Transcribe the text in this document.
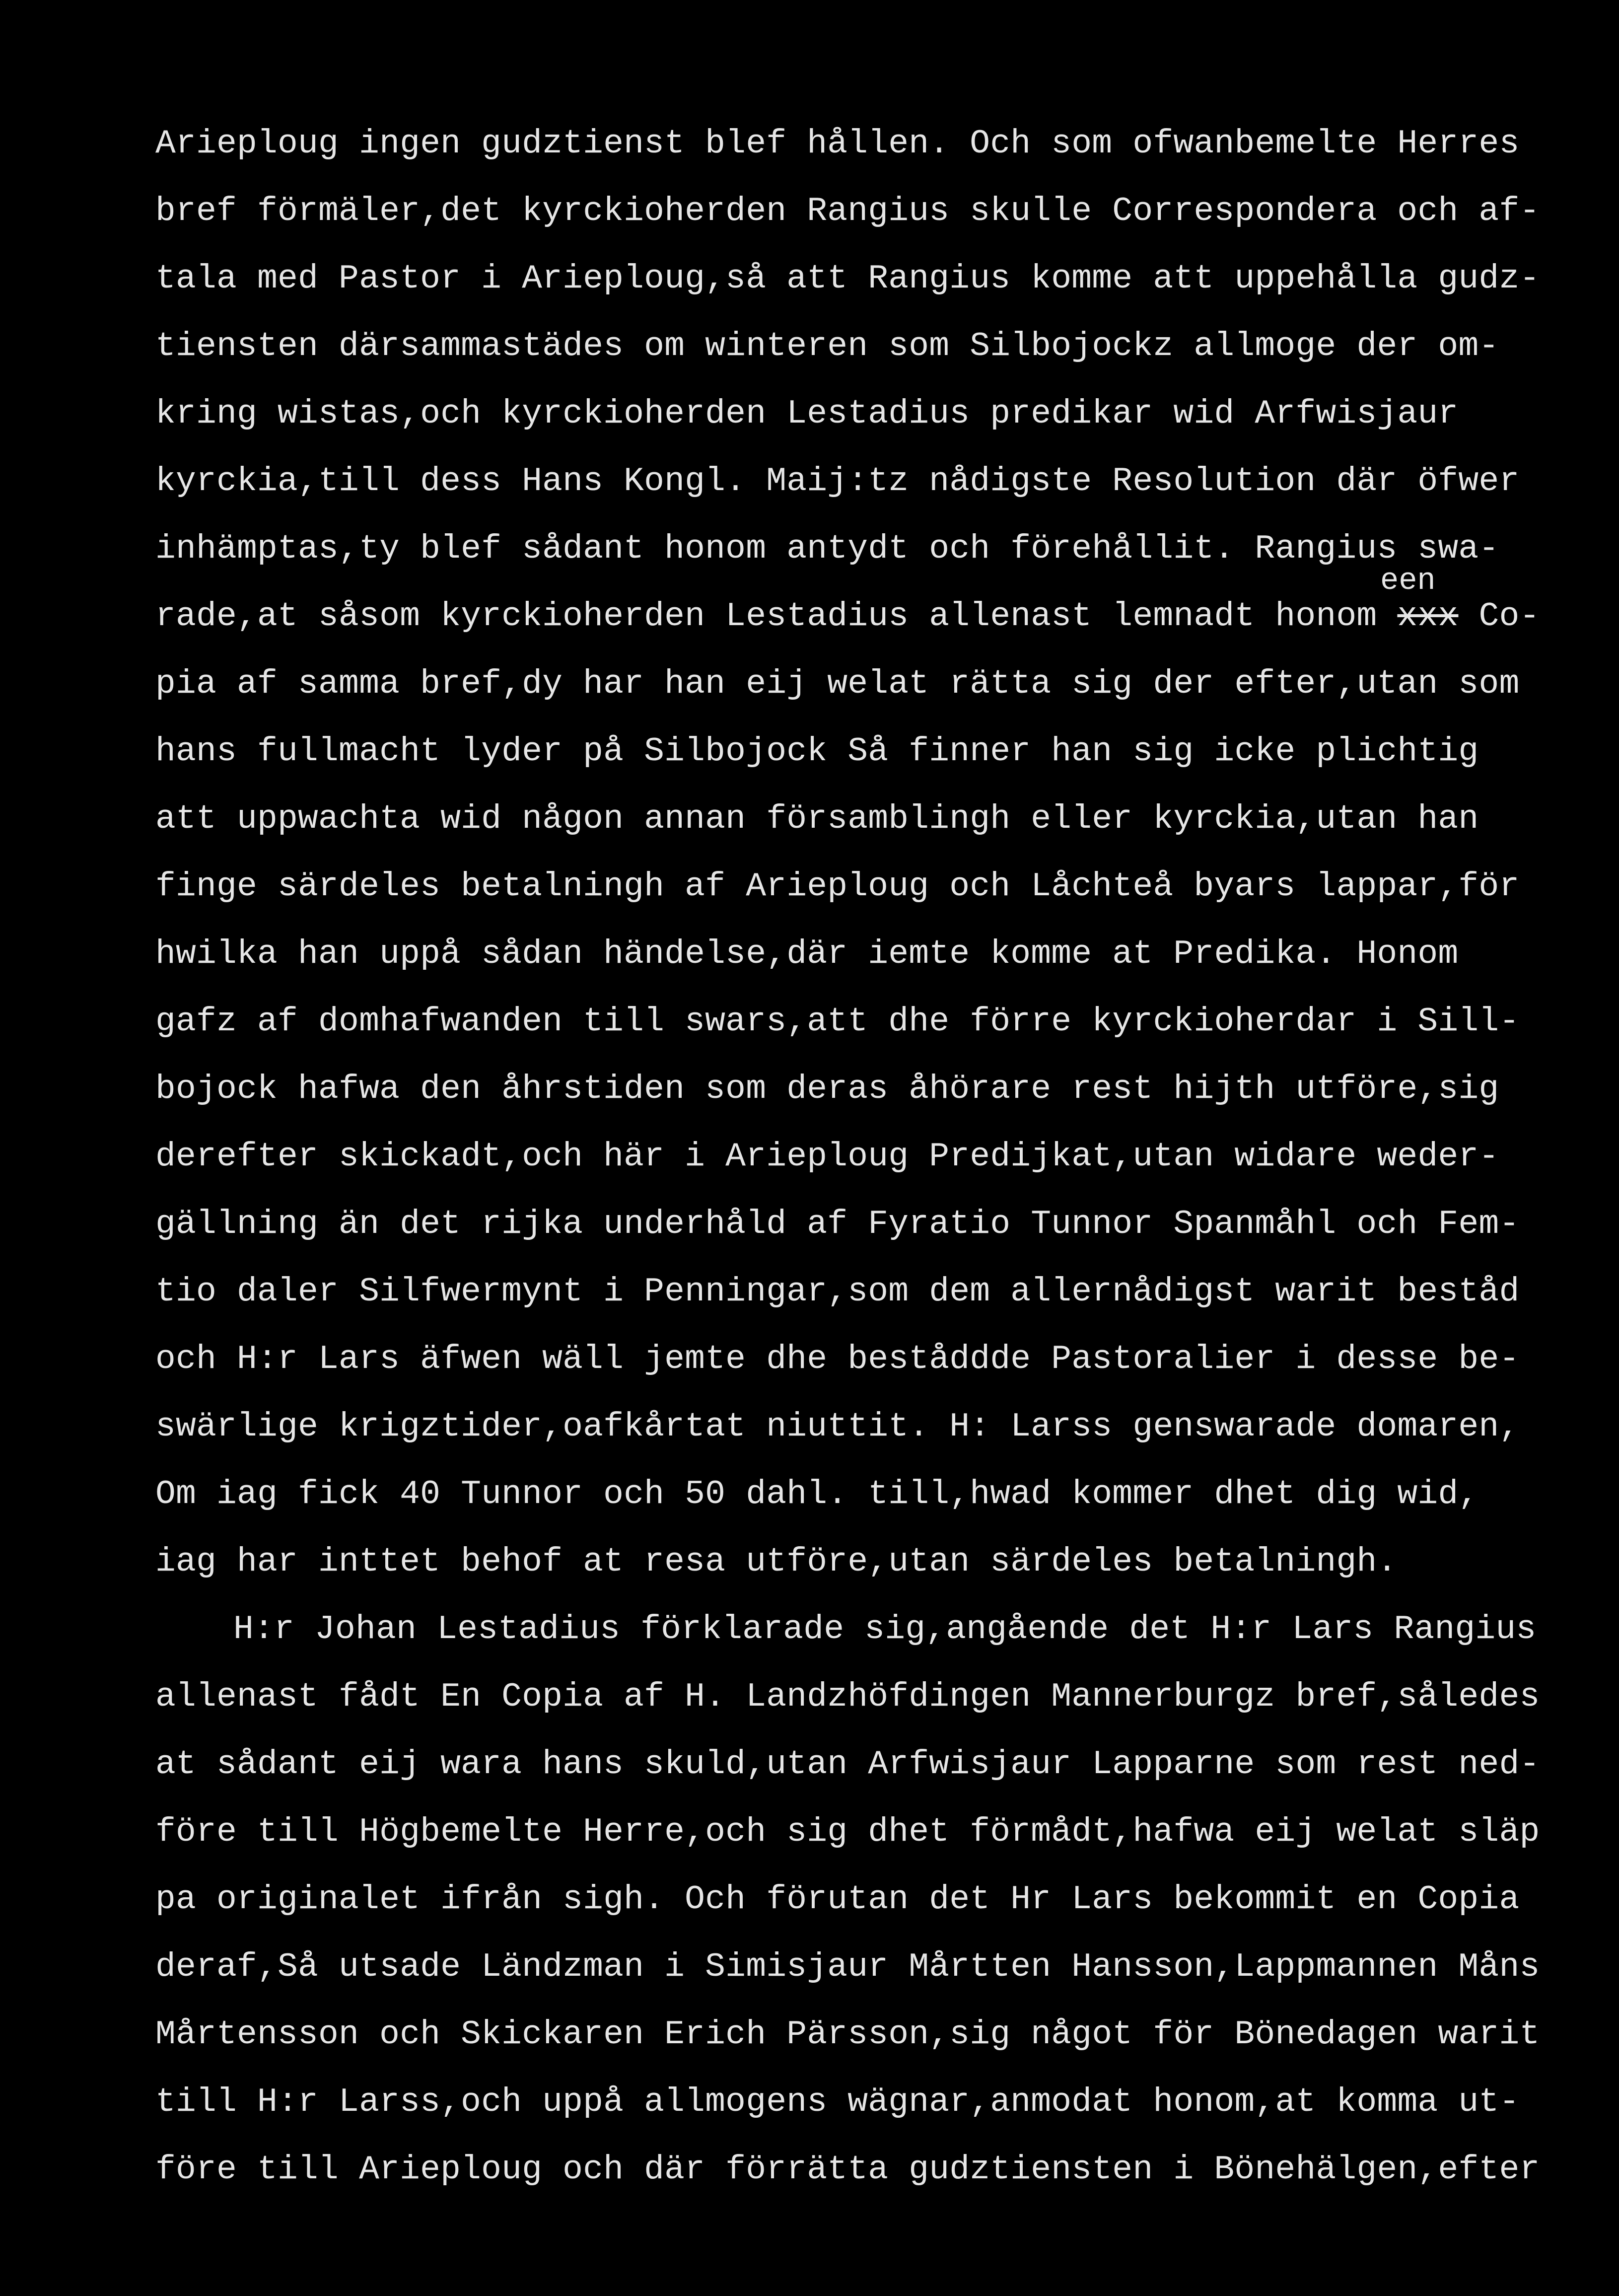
Arieploug ingen gudztienst blef hållen. Och som ofwanbemelte Herres
bref förmäler,det kyrckioherden Rangius skulle Correspondera och af-
tala med Pastor i Arieploug,så att Rangius komme att uppehålla gudz-
tiensten därsammastädes om winteren som Silbojockz allmoge der om-
kring wistas,och kyrckioherden Lestadius predikar wid Arfwisjaur
kyrckia,till dess Hans Kongl. Maij:tz nådigste Resolution där öfwer
inhämptas,ty blef sådant honom antydt och förehållit. Rangius swa-
een
rade,at såsom kyrckioherden Lestadius allenast lemnadt honom xxx Co-
pia af samma bref,dy har han eij welat rätta sig der efter,utan som
hans fullmacht lyder på Silbojock Så finner han sig icke plichtig
att uppwachta wid någon annan församblingh eller kyrckia,utan han
finge särdeles betalningh af Arieploug och Låchteå byars lappar,för
hwilka han uppå sådan händelse,där iemte komme at Predika. Honom
gafz af domhafwanden till swars,att dhe förre kyrckioherdar i Sill-
bojock hafwa den åhrstiden som deras åhörare rest hijth utföre,sig
derefter skickadt,och här i Arieploug Predijkat,utan widare weder-
gällning än det rijka underhåld af Fyratio Tunnor Spanmåhl och Fem-
tio daler Silfwermynt i Penningar,som dem allernådigst warit beståd
och H:r Lars äfwen wäll jemte dhe beståddde Pastoralier i desse be-
swärlige krigztider,oafkårtat niuttit. H: Larss genswarade domaren,
Om iag fick 40 Tunnor och 50 dahl. till,hwad kommer dhet dig wid,
iag har inttet behof at resa utföre,utan särdeles betalningh.
H:r Johan Lestadius förklarade sig,angående det H:r Lars Rangius
allenast fådt En Copia af H. Landzhöfdingen Mannerburgz bref,således
at sådant eij wara hans skuld,utan Arfwisjaur Lapparne som rest ned-
före till Högbemelte Herre,och sig dhet förmådt,hafwa eij welat släp
pa originalet ifrån sigh. Och förutan det Hr Lars bekommit en Copia
deraf,Så utsade Ländzman i Simisjaur Mårtten Hansson,Lappmannen Måns
Mårtensson och Skickaren Erich Pärsson,sig något för Bönedagen warit
till H:r Larss,och uppå allmogens wägnar,anmodat honom,at komma ut-
före till Arieploug och där förrätta gudztiensten i Bönehälgen,efter
